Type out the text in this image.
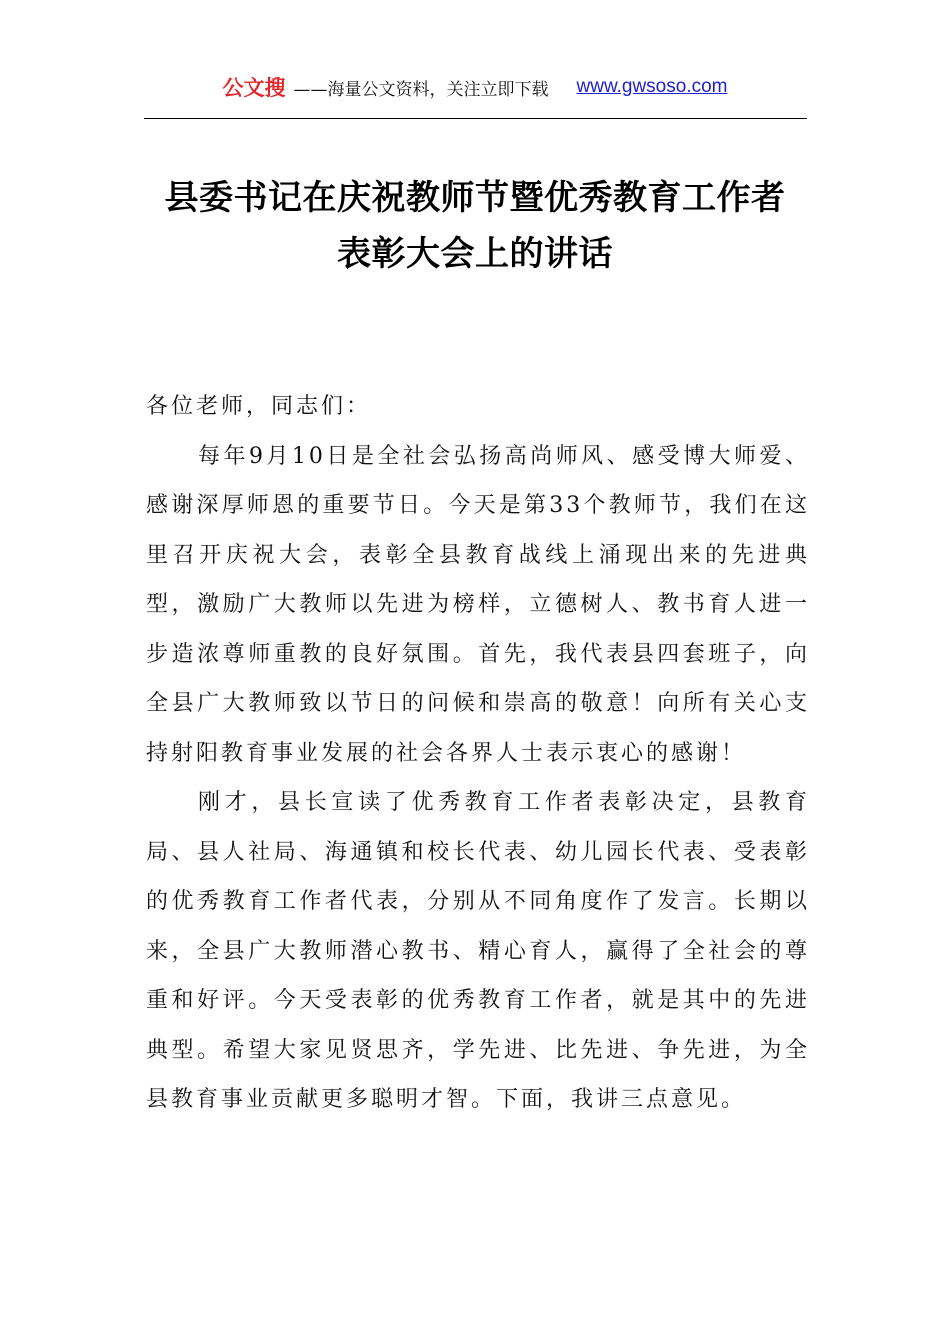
公文搜 ——海量公文资料，关注立即下载 www.gwsoso.com
县委书记在庆祝教师节暨优秀教育工作者
表彰大会上的讲话

各位老师，同志们：

每年9月10日是全社会弘扬高尚师风、感受博大师爱、感谢深厚师恩的重要节日。今天是第33个教师节，我们在这里召开庆祝大会，表彰全县教育战线上涌现出来的先进典型，激励广大教师以先进为榜样，立德树人、教书育人进一步造浓尊师重教的良好氛围。首先，我代表县四套班子，向全县广大教师致以节日的问候和崇高的敬意！向所有关心支持射阳教育事业发展的社会各界人士表示衷心的感谢！

刚才，县长宣读了优秀教育工作者表彰决定，县教育局、县人社局、海通镇和校长代表、幼儿园长代表、受表彰的优秀教育工作者代表，分别从不同角度作了发言。长期以来，全县广大教师潜心教书、精心育人，赢得了全社会的尊重和好评。今天受表彰的优秀教育工作者，就是其中的先进典型。希望大家见贤思齐，学先进、比先进、争先进，为全县教育事业贡献更多聪明才智。下面，我讲三点意见。
